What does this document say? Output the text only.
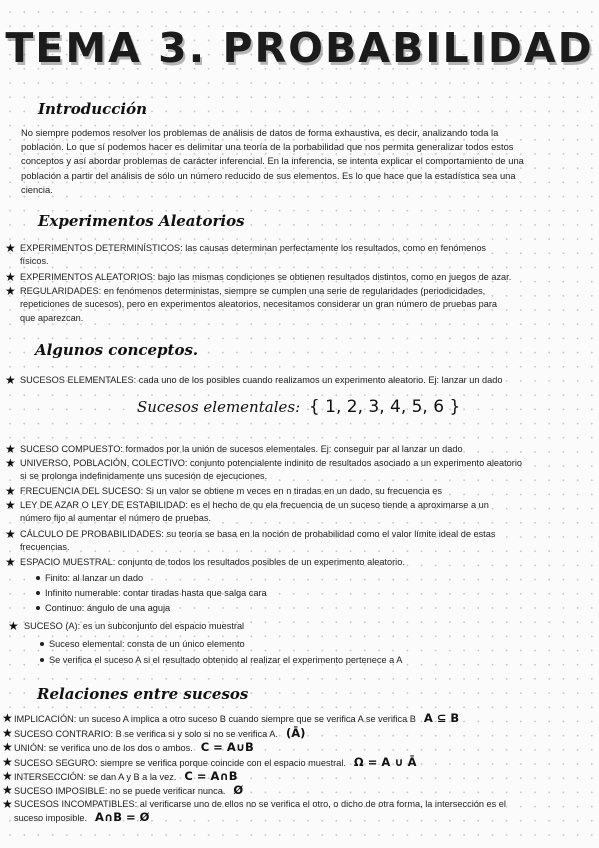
TEMA 3. PROBABILIDAD
Introducción
No siempre podemos resolver los problemas de análisis de datos de forma exhaustiva, es decir, analizando toda la
población. Lo que sí podemos hacer es delimitar una teoría de la porbabilidad que nos permita generalizar todos estos
conceptos y así abordar problemas de carácter inferencial. En la inferencia, se intenta explicar el comportamiento de una
población a partir del análisis de sólo un número reducido de sus elementos. Es lo que hace que la estadística sea una
ciencia.
Experimentos Aleatorios
★ EXPERIMENTOS DETERMINÍSTICOS: las causas determinan perfectamente los resultados, como en fenómenos
físicos.
★ EXPERIMENTOS ALEATORIOS: bajo las mismas condiciones se obtienen resultados distintos, como en juegos de azar.
★ REGULARIDADES: en fenómenos deterministas, siempre se cumplen una serie de regularidades (periodicidades,
repeticiones de sucesos), pero en experimentos aleatorios, necesitamos considerar un gran número de pruebas para
que aparezcan.
Algunos conceptos.
★ SUCESOS ELEMENTALES: cada uno de los posibles cuando realizamos un experimento aleatorio. Ej: lanzar un dado
Sucesos elementales: { 1, 2, 3, 4, 5, 6 }
★ SUCESO COMPUESTO: formados por la unión de sucesos elementales. Ej: conseguir par al lanzar un dado
★ UNIVERSO, POBLACIÓN, COLECTIVO: conjunto potencialente indinito de resultados asociado a un experimento aleatorio
si se prolonga indefinidamente uns sucesión de ejecuciones.
★ FRECUENCIA DEL SUCESO: Si un valor se obtiene m veces en n tiradas en un dado, su frecuencia es
★ LEY DE AZAR O LEY DE ESTABILIDAD: es el hecho de qu ela frecuencia de un suceso tiende a aproximarse a un
número fijo al aumentar el número de pruebas.
★ CÁLCULO DE PROBABILIDADES: su teoría se basa en la noción de probabilidad como el valor límite ideal de estas
frecuencias.
★ ESPACIO MUESTRAL: conjunto de todos los resultados posibles de un experimento aleatorio.
Finito: al lanzar un dado
Infinito numerable: contar tiradas hasta que salga cara
Continuo: ángulo de una aguja
★ SUCESO (A): es un subconjunto del espacio muestral
Suceso elemental: consta de un único elemento
Se verifica el suceso A si el resultado obtenido al realizar el experimento pertenece a A
Relaciones entre sucesos
★ IMPLICACIÓN: un suceso A implica a otro suceso B cuando siempre que se verifica A se verifica B A ⊆ B
★ SUCESO CONTRARIO: B se verifica si y solo si no se verifica A. (Ā)
★ UNIÓN: se verifica uno de los dos o ambos. C = A∪B
★ SUCESO SEGURO: siempre se verifica porque coincide con el espacio muestral. Ω = A ∪ Ā
★ INTERSECCIÓN: se dan A y B a la vez. C = A∩B
★ SUCESO IMPOSIBLE: no se puede verificar nunca. Ø
★ SUCESOS INCOMPATIBLES: al verificarse uno de ellos no se verifica el otro, o dicho de otra forma, la intersección es el
suceso imposible. A∩B = Ø
